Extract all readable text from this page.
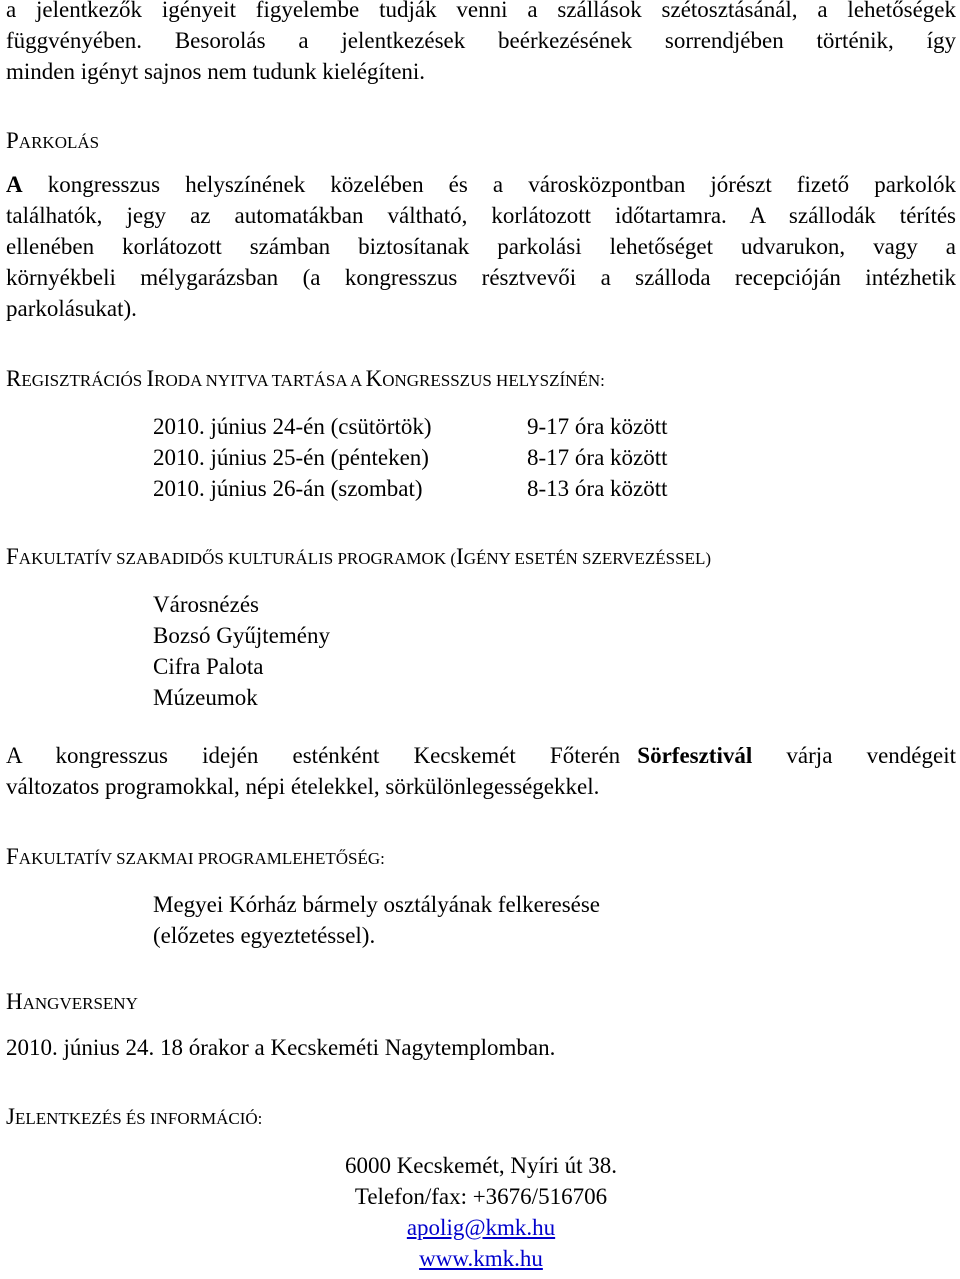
a jelentkezők igényeit figyelembe tudják venni a szállások szétosztásánál, a lehetőségek
függvényében. Besorolás a jelentkezések beérkezésének sorrendjében történik, így
minden igényt sajnos nem tudunk kielégíteni.
PARKOLÁS
A kongresszus helyszínének közelében és a városközpontban jórészt fizető parkolók
találhatók, jegy az automatákban váltható, korlátozott időtartamra. A szállodák térítés
ellenében korlátozott számban biztosítanak parkolási lehetőséget udvarukon, vagy a
környékbeli mélygarázsban (a kongresszus résztvevői a szálloda recepcióján intézhetik
parkolásukat).
REGISZTRÁCIÓS IRODA NYITVA TARTÁSA A KONGRESSZUS HELYSZÍNÉN:
2010. június 24-én (csütörtök)	9-17 óra között
2010. június 25-én (pénteken)	8-17 óra között
2010. június 26-án (szombat)	8-13 óra között
FAKULTATÍV SZABADIDŐS KULTURÁLIS PROGRAMOK (IGÉNY ESETÉN SZERVEZÉSSEL)
Városnézés
Bozsó Gyűjtemény
Cifra Palota
Múzeumok
A  kongresszus  idején  esténként  Kecskemét  Főterén Sörfesztivál  várja  vendégeit
változatos programokkal, népi ételekkel, sörkülönlegességekkel.
FAKULTATÍV SZAKMAI PROGRAMLEHETŐSÉG:
Megyei Kórház bármely osztályának felkeresése
(előzetes egyeztetéssel).
HANGVERSENY
2010. június 24. 18 órakor a Kecskeméti Nagytemplomban.
JELENTKEZÉS ÉS INFORMÁCIÓ:
6000 Kecskemét, Nyíri út 38.
Telefon/fax: +3676/516706
apolig@kmk.hu
www.kmk.hu
